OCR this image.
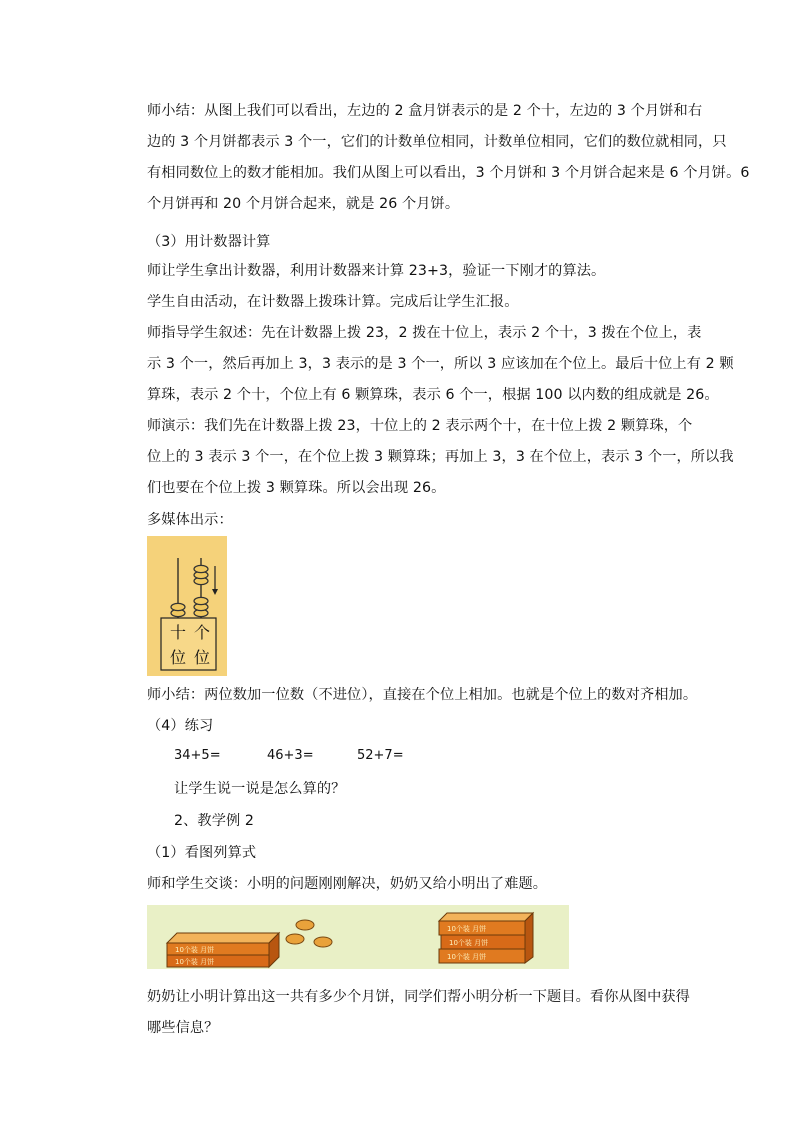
师小结：从图上我们可以看出，左边的 2 盒月饼表示的是 2 个十，左边的 3 个月饼和右
边的 3 个月饼都表示 3 个一，它们的计数单位相同，计数单位相同，它们的数位就相同，只
有相同数位上的数才能相加。我们从图上可以看出，3 个月饼和 3 个月饼合起来是 6 个月饼。6
个月饼再和 20 个月饼合起来，就是 26 个月饼。
（3）用计数器计算
师让学生拿出计数器，利用计数器来计算 23+3，验证一下刚才的算法。
学生自由活动，在计数器上拨珠计算。完成后让学生汇报。
师指导学生叙述：先在计数器上拨 23，2 拨在十位上，表示 2 个十，3 拨在个位上，表
示 3 个一，然后再加上 3，3 表示的是 3 个一，所以 3 应该加在个位上。最后十位上有 2 颗
算珠，表示 2 个十，个位上有 6 颗算珠，表示 6 个一，根据 100 以内数的组成就是 26。
师演示：我们先在计数器上拨 23，十位上的 2 表示两个十，在十位上拨 2 颗算珠，个
位上的 3 表示 3 个一，在个位上拨 3 颗算珠；再加上 3，3 在个位上，表示 3 个一，所以我
们也要在个位上拨 3 颗算珠。所以会出现 26。
多媒体出示：
十 个
位 位
师小结：两位数加一位数（不进位），直接在个位上相加。也就是个位上的数对齐相加。
（4）练习
34+5=	46+3=	52+7=
让学生说一说是怎么算的？
2、教学例 2
（1）看图列算式
师和学生交谈：小明的问题刚刚解决，奶奶又给小明出了难题。
10个装 月饼
10个装 月饼
10个装 月饼
10个装 月饼
10个装 月饼
奶奶让小明计算出这一共有多少个月饼，同学们帮小明分析一下题目。看你从图中获得
哪些信息？
